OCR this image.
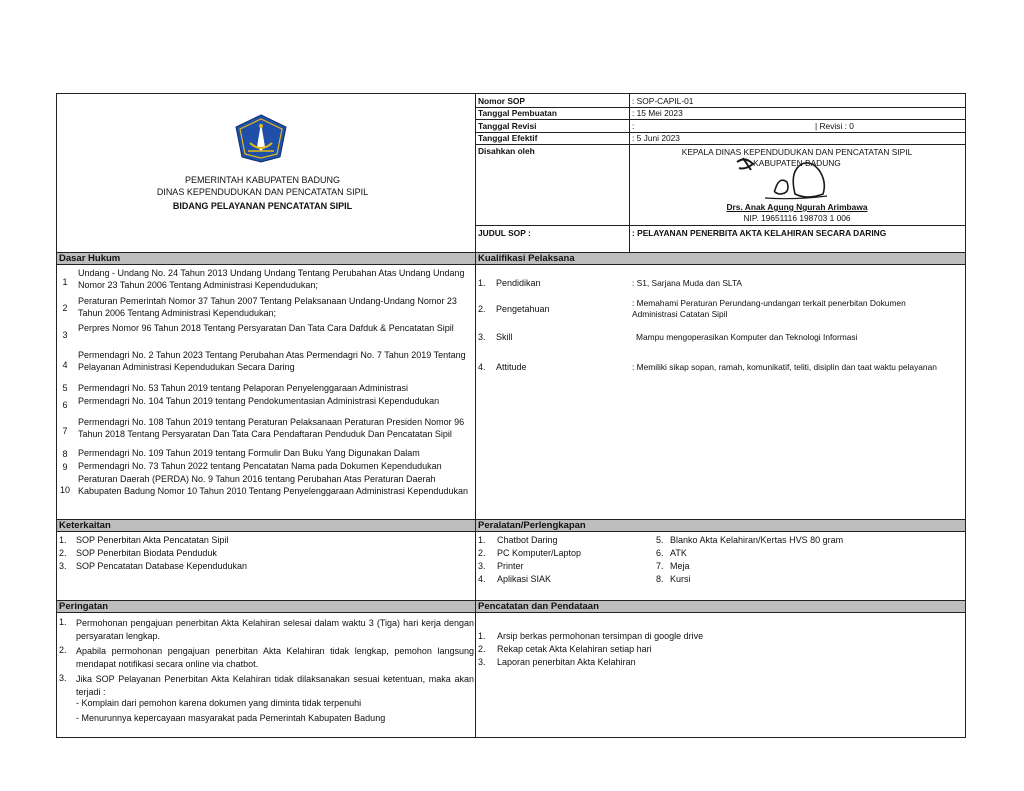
PEMERINTAH KABUPATEN BADUNG
DINAS KEPENDUDUKAN DAN PENCATATAN SIPIL
BIDANG PELAYANAN PENCATATAN SIPIL
Nomor SOP	: SOP-CAPIL-01
Tanggal Pembuatan	: 15 Mei 2023
Tanggal Revisi	:	| Revisi : 0
Tanggal Efektif	: 5 Juni 2023
Disahkan oleh	KEPALA DINAS KEPENDUDUKAN DAN PENCATATAN SIPIL
KABUPATEN BADUNG
Drs. Anak Agung Ngurah Arimbawa
NIP. 19651116 198703 1 006
JUDUL SOP :	: PELAYANAN PENERBITA AKTA KELAHIRAN SECARA DARING
Dasar Hukum	Kualifikasi Pelaksana
1
Undang - Undang No. 24 Tahun 2013 Undang Undang Tentang Perubahan Atas Undang Undang Nomor 23 Tahun 2006 Tentang Administrasi Kependudukan;
2
Peraturan Pemerintah Nomor 37 Tahun 2007 Tentang Pelaksanaan Undang-Undang Nomor 23 Tahun 2006 Tentang Administrasi Kependudukan;
3
Perpres Nomor 96 Tahun 2018 Tentang Persyaratan Dan Tata Cara Dafduk & Pencatatan Sipil
4
Permendagri No. 2 Tahun 2023 Tentang Perubahan Atas Permendagri No. 7 Tahun 2019 Tentang Pelayanan Administrasi Kependudukan Secara Daring
5 Permendagri No. 53 Tahun 2019 tentang Pelaporan Penyelenggaraan Administrasi
6 Permendagri No. 104 Tahun 2019 tentang Pendokumentasian Administrasi Kependudukan
7
Permendagri No. 108 Tahun 2019 tentang Peraturan Pelaksanaan Peraturan Presiden Nomor 96 Tahun 2018 Tentang Persyaratan Dan Tata Cara Pendaftaran Penduduk Dan Pencatatan Sipil
8 Permendagri No. 109 Tahun 2019 tentang Formulir Dan Buku Yang Digunakan Dalam
9 Permendagri No. 73 Tahun 2022 tentang Pencatatan Nama pada Dokumen Kependudukan
10
Peraturan Daerah (PERDA) No. 9 Tahun 2016 tentang Perubahan Atas Peraturan Daerah Kabupaten Badung Nomor 10 Tahun 2010 Tentang Penyelenggaraan Administrasi Kependudukan
1. Pendidikan	: S1, Sarjana Muda dan SLTA
2. Pengetahuan
: Memahami Peraturan Perundang-undangan terkait penerbitan Dokumen Administrasi Catatan Sipil
3. Skill	Mampu mengoperasikan Komputer dan Teknologi Informasi
4. Attitude	: Memiliki sikap sopan, ramah, komunikatif, teliti, disiplin dan taat waktu pelayanan
Keterkaitan	Peralatan/Perlengkapan
1. SOP Penerbitan Akta Pencatatan Sipil
2. SOP Penerbitan Biodata Penduduk
3. SOP Pencatatan Database Kependudukan
1. Chatbot Daring
2. PC Komputer/Laptop
3. Printer
4. Aplikasi SIAK
5. Blanko Akta Kelahiran/Kertas HVS 80 gram
6. ATK
7. Meja
8. Kursi
Peringatan	Pencatatan dan Pendataan
1. Permohonan pengajuan penerbitan Akta Kelahiran selesai dalam waktu 3 (Tiga) hari kerja dengan persyaratan lengkap.
2. Apabila permohonan pengajuan penerbitan Akta Kelahiran tidak lengkap, pemohon langsung mendapat notifikasi secara online via chatbot.
3. Jika SOP Pelayanan Penerbitan Akta Kelahiran tidak dilaksanakan sesuai ketentuan, maka akan terjadi :
- Komplain dari pemohon karena dokumen yang diminta tidak terpenuhi
- Menurunnya kepercayaan masyarakat pada Pemerintah Kabupaten Badung
1. Arsip berkas permohonan tersimpan di google drive
2. Rekap cetak Akta Kelahiran setiap hari
3. Laporan penerbitan Akta Kelahiran
